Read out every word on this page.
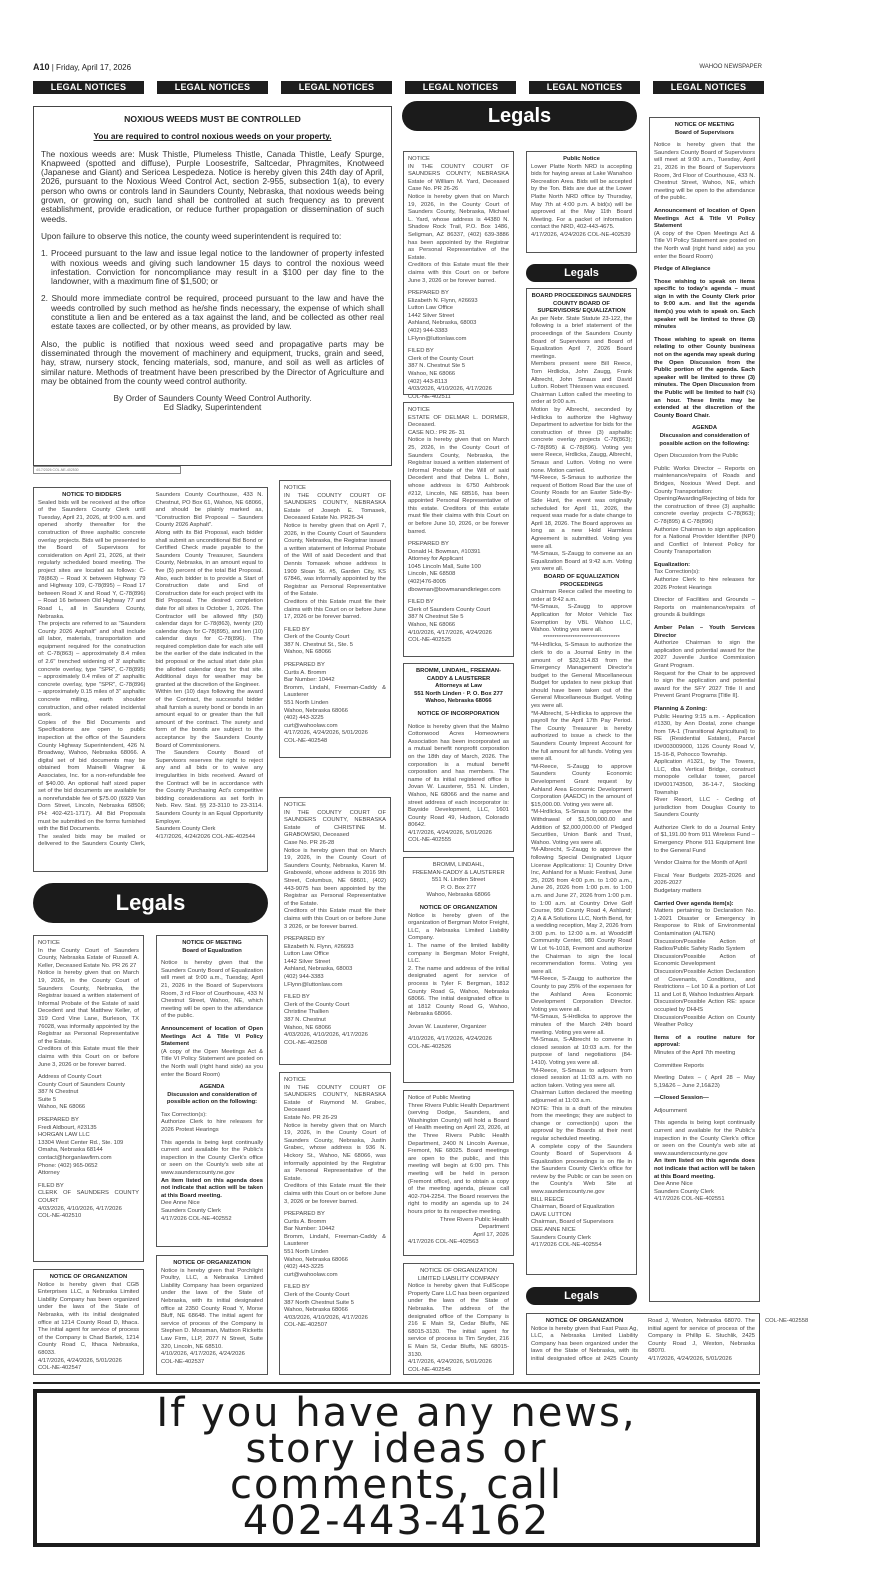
A10 | Friday, April 17, 2026	WAHOO NEWSPAPER
LEGAL NOTICES	LEGAL NOTICES	LEGAL NOTICES	LEGAL NOTICES	LEGAL NOTICES	LEGAL NOTICES
NOXIOUS WEEDS MUST BE CONTROLLED
You are required to control noxious weeds on your property.

The noxious weeds are: Musk Thistle, Plumeless Thistle, Canada Thistle, Leafy Spurge, Knapweed (spotted and diffuse), Purple Loosestrife, Saltcedar, Phragmites, Knotweed (Japanese and Giant) and Sericea Lespedeza. Notice is hereby given this 24th day of April, 2026, pursuant to the Noxious Weed Control Act, section 2-955, subsection 1(a), to every person who owns or controls land in Saunders County, Nebraska, that noxious weeds being grown, or growing on, such land shall be controlled at such frequency as to prevent establishment, provide eradication, or reduce further propagation or dissemination of such weeds.

Upon failure to observe this notice, the county weed superintendent is required to:

1. Proceed pursuant to the law and issue legal notice to the landowner of property infested with noxious weeds and giving such landowner 15 days to control the noxious weed infestation. Conviction for noncompliance may result in a $100 per day fine to the landowner, with a maximum fine of $1,500; or

2. Should more immediate control be required, proceed pursuant to the law and have the weeds controlled by such method as he/she finds necessary, the expense of which shall constitute a lien and be entered as a tax against the land, and be collected as other real estate taxes are collected, or by other means, as provided by law.

Also, the public is notified that noxious weed seed and propagative parts may be disseminated through the movement of machinery and equipment, trucks, grain and seed, hay, straw, nursery stock, fencing materials, sod, manure, and soil as well as articles of similar nature. Methods of treatment have been prescribed by the Director of Agriculture and may be obtained from the county weed control authority.

By Order of Saunders County Weed Control Authority.

Ed Sladky, Superintendent

4/17/2026 COL-NE-402530
Legals
Legals
Legals
Legals
NOTICE TO BIDDERS
Sealed bids will be received at the office of the Saunders County Clerk until Tuesday, April 21, 2026, at 9:00 a.m. and opened shortly thereafter for the construction of three asphaltic concrete overlay projects. Bids will be presented to the Board of Supervisors for consideration on April 21, 2026, at their regularly scheduled board meeting. The project sites are located as follows: C-78(863) – Road X between Highway 79 and Highway 109, C-78(895) – Road 17 between Road X and Road Y, C-78(896) – Road 16 between Old Highway 77 and Road L, all in Saunders County, Nebraska.
The projects are referred to as "Saunders County 2026 Asphalt" and shall include all labor, materials, transportation and equipment required for the construction of: C-78(863) – approximately 8.4 miles of 2.6" trenched widening of 3' asphaltic concrete overlay, type "SPR", C-78(895) – approximately 0.4 miles of 2" asphaltic concrete overlay, type "SPR", C-78(896) – approximately 0.15 miles of 3" asphaltic concrete milling, earth shoulder construction, and other related incidental work.
Copies of the Bid Documents and Specifications are open to public inspection at the office of the Saunders County Highway Superintendent, 426 N. Broadway, Wahoo, Nebraska 68066. A digital set of bid documents may be obtained from Mainelli Wagner & Associates, Inc. for a non-refundable fee of $40.00. An optional half sized paper set of the bid documents are available for a nonrefundable fee of $75.00 (6929 Van Dorn Street, Lincoln, Nebraska 68506; PH: 402-421-1717). All Bid Proposals must be submitted on the forms furnished with the Bid Documents.
The sealed bids may be mailed or delivered to the Saunders County Clerk, Saunders County Courthouse, 433 N. Chestnut, PO Box 61, Wahoo, NE 68066, and should be plainly marked as, "Construction Bid Proposal – Saunders County 2026 Asphalt".
Along with its Bid Proposal, each bidder shall submit an unconditional Bid Bond or Certified Check made payable to the Saunders County Treasurer, Saunders County, Nebraska, in an amount equal to five (5) percent of the total Bid Proposal. Also, each bidder is to provide a Start of Construction date and End of Construction date for each project with its Bid Proposal. The desired completion date for all sites is October 1, 2026. The Contractor will be allowed fifty (50) calendar days for C-78(863), twenty (20) calendar days for C-78(895), and ten (10) calendar days for C-78(896). The required completion date for each site will be the earlier of the date indicated in the bid proposal or the actual start date plus the allotted calendar days for that site. Additional days for weather may be granted at the discretion of the Engineer.
Within ten (10) days following the award of the Contract, the successful bidder shall furnish a surety bond or bonds in an amount equal to or greater than the full amount of the contract. The surety and form of the bonds are subject to the acceptance by the Saunders County Board of Commissioners.
The Saunders County Board of Supervisors reserves the right to reject any and all bids or to waive any irregularities in bids received. Award of the Contract will be in accordance with the County Purchasing Act's competitive bidding considerations as set forth in Neb. Rev. Stat. §§ 23-3110 to 23-3114. Saunders County is an Equal Opportunity Employer.
Saunders County Clerk
4/17/2026, 4/24/2026 COL-NE-402544
NOTICE
IN THE COUNTY COURT OF SAUNDERS COUNTY, NEBRASKA Estate of Joseph E. Tomasek, Deceased Estate No. PR26-34
Notice is hereby given that on April 7, 2026, in the County Court of Saunders County, Nebraska, the Registrar issued a written statement of Informal Probate of the Will of said Decedent and that Dennis Tomasek whose address is 1909 Sloan St. #5, Garden City, KS 67846, was informally appointed by the Registrar as Personal Representative of the Estate.
Creditors of this Estate must file their claims with this Court on or before June 17, 2026 or be forever barred.
FILED BY
Clerk of the County Court
387 N. Chestnut St., Ste. 5
Wahoo, NE 68066
PREPARED BY
Curtis A. Bromm
Bar Number: 10442
Bromm, Lindahl, Freeman-Caddy & Lausterer
551 North Linden
Wahoo, Nebraska 68066
(402) 443-3225
curt@wahoolaw.com
4/17/2026, 4/24/2026, 5/01/2026
COL-NE-402548
NOTICE
IN THE COUNTY COURT OF SAUNDERS COUNTY, NEBRASKA Estate of CHRISTINE M. GRABOWSKI, Deceased
Case No. PR 26-28
Notice is hereby given that on March 19, 2026, in the County Court of Saunders County, Nebraska, Karen M. Grabowski, whose address is 2016 9th Street, Columbus, NE 68601, (402) 443-9075 has been appointed by the Registrar as Personal Representative of the Estate.
Creditors of this Estate must file their claims with this Court on or before June 3 2026, or be forever barred.
PREPARED BY
Elizabeth N. Flynn, #26693
Lutton Law Office
1442 Silver Street
Ashland, Nebraska, 68003
(402) 944-3383
LFlynn@luttonlaw.com
FILED BY
Clerk of the County Court
Christine Thallien
387 N. Chestnut
Wahoo, NE 68066
4/03/2026, 4/10/2026, 4/17/2026
COL-NE-402508
NOTICE
IN THE COUNTY COURT OF SAUNDERS COUNTY, NEBRASKA Estate of Raymond M. Grabec, Deceased
Estate No. PR 26-29
Notice is hereby given that on March 19, 2026, in the County Court of Saunders County, Nebraska, Justin Grabec, whose address is 936 N. Hickory St., Wahoo, NE 68066, was informally appointed by the Registrar as Personal Representative of the Estate.
Creditors of this Estate must file their claims with this Court on or before June 3, 2026 or be forever barred.
PREPARED BY
Curtis A. Bromm
Bar Number: 10442
Bromm, Lindahl, Freeman-Caddy & Lausterer
551 North Linden
Wahoo, Nebraska 68066
(402) 443-3225
curt@wahoolaw.com
FILED BY
Clerk of the County Court
387 North Chestnut Suite 5
Wahoo, Nebraska 68066
4/03/2026, 4/10/2026, 4/17/2026
COL-NE-402507
NOTICE
In the County Court of Saunders County, Nebraska Estate of Russell A. Keller, Deceased Estate No. PR 26 27
Notice is hereby given that on March 19, 2026, in the County Court of Saunders County, Nebraska, the Registrar issued a written statement of Informal Probate of the Estate of said Decedent and that Matthew Keller, of 319 Cord Vine Lane, Burleson, TX 76028, was informally appointed by the Registrar as Personal Representative of the Estate.
Creditors of this Estate must file their claims with this Court on or before June 3, 2026 or be forever barred.
Address of County Court
County Court of Saunders County
387 N Chestnut
Suite 5
Wahoo, NE 68066
PREPARED BY
Fredi Aldbourt, #23135
HORGAN LAW LLC
13304 West Center Rd., Ste. 109
Omaha, Nebraska 68144
contact@horganlawfirm.com
Phone: (402) 965-0652
Attorney
FILED BY
CLERK OF SAUNDERS COUNTY COURT
4/03/2026, 4/10/2026, 4/17/2026
COL-NE-402510
NOTICE OF ORGANIZATION
Notice is hereby given that CGB Enterprises LLC, a Nebraska Limited Liability Company has been organized under the laws of the State of Nebraska, with its initial designated office at 1214 County Road D, Ithaca. The initial agent for service of process of the Company is Chad Bartek, 1214 County Road C, Ithaca Nebraska, 68033.
4/17/2026, 4/24/2026, 5/01/2026
COL-NE-402547
NOTICE OF MEETING
Board of Equalization
Notice is hereby given that the Saunders County Board of Equalization will meet at 9:00 a.m., Tuesday, April 21, 2026 in the Board of Supervisors Room, 3 rd Floor of Courthouse, 433 N Chestnut Street, Wahoo, NE, which meeting will be open to the attendance of the public.
Announcement of location of Open Meetings Act & Title VI Policy Statement
(A copy of the Open Meetings Act & Title VI Policy Statement are posted on the North wall (right hand side) as you enter the Board Room)
AGENDA
Discussion and consideration of possible action on the following:
Tax Correction(s):
Authorize Clerk to hire releases for 2026 Protest Hearings
This agenda is being kept continually current and available for the Public's inspection in the County Clerk's office or seen on the County's web site at www.saunderscounty.ne.gov
An item listed on this agenda does not indicate that action will be taken at this Board meeting.
Dee Anne Nice
Saunders County Clerk
4/17/2026 COL-NE-402552
NOTICE OF ORGANIZATION
Notice is hereby given that Porchlight Poultry, LLC, a Nebraska Limited Liability Company has been organized under the laws of the State of Nebraska, with its initial designated office at 2350 County Road Y, Morse Bluff, NE 68648. The initial agent for service of process of the Company is Stephen D. Mossman, Mattson Ricketts Law Firm, LLP, 2077 N Street, Suite 320, Lincoln, NE 68510.
4/10/2026, 4/17/2026, 4/24/2026
COL-NE-402537
NOTICE
IN THE COUNTY COURT OF SAUNDERS COUNTY, NEBRASKA Estate of William M. Yard, Deceased Case No. PR 26-26
Notice is hereby given that on March 19, 2026, in the County Court of Saunders County, Nebraska, Michael L. Yard, whose address is 44380 N. Shadow Rock Trail, P.O. Box 1486, Seligman, AZ 86337, (402) 639-3886 has been appointed by the Registrar as Personal Representative of the Estate.
Creditors of this Estate must file their claims with this Court on or before June 3, 2026 or be forever barred.
PREPARED BY
Elizabeth N. Flynn, #26693
Lutton Law Office
1442 Silver Street
Ashland, Nebraska, 68003
(402) 944-3383
LFlynn@luttonlaw.com
FILED BY
Clerk of the County Court
387 N. Chestnut Ste 5
Wahoo, NE 68066
(402) 443-8113
4/03/2026, 4/10/2026, 4/17/2026
COL-NE-402511
NOTICE
ESTATE OF DELMAR L. DORMER, Deceased.
CASE NO.: PR 26- 31
Notice is hereby given that on March 25, 2026, in the County Court of Saunders County, Nebraska, the Registrar issued a written statement of Informal Probate of the Will of said Decedent and that Debra L. Bohn, whose address is 6750 Ashbrook #212, Lincoln, NE 68516, has been appointed Personal Representative of this estate. Creditors of this estate must file their claims with this Court on or before June 10, 2026, or be forever barred.
PREPARED BY
Donald H. Bowman, #10391
Attorney for Applicant
1045 Lincoln Mall, Suite 100
Lincoln, NE 68508
(402)476-8005
dbowman@bowmanandkrieger.com
FILED BY
Clerk of Saunders County Court
387 N Chestnut Ste 5
Wahoo, NE 68066
4/10/2026, 4/17/2026, 4/24/2026
COL-NE-402525
BROMM, LINDAHL, FREEMAN-CADDY & LAUSTERER
Attorneys at Law
551 North Linden · P. O. Box 277
Wahoo, Nebraska 68066
NOTICE OF INCORPORATION
Notice is hereby given that the Malmo Cottonwood Acres Homeowners Association has been incorporated as a mutual benefit nonprofit corporation on the 18th day of March, 2026. The corporation is a mutual benefit corporation and has members. The name of its initial registered office is Jovan W. Lausterer, 551 N. Linden, Wahoo, NE 68066 and the name and street address of each incorporator is: Bayside Development, LLC, 1601 County Road 49, Hudson, Colorado 80642.
4/17/2026, 4/24/2026, 5/01/2026
COL-NE-402555
BROMM, LINDAHL,
FREEMAN-CADDY & LAUSTERER
551 N. Linden Street
P. O. Box 277
Wahoo, Nebraska 68066
NOTICE OF ORGANIZATION
Notice is hereby given of the organization of Bergman Motor Freight, LLC, a Nebraska Limited Liability Company.
1. The name of the limited liability company is Bergman Motor Freight, LLC.
2. The name and address of the initial designated agent for service of process is Tyler F. Bergman, 1812 County Road G, Wahoo, Nebraska 68066. The initial designated office is at 1812 County Road G, Wahoo, Nebraska 68066.
Jovan W. Lausterer, Organizer
4/10/2026, 4/17/2026, 4/24/2026
COL-NE-402526
Notice of Public Meeting
Three Rivers Public Health Department (serving Dodge, Saunders, and Washington County) will hold a Board of Health meeting on April 23, 2026, at the Three Rivers Public Health Department, 2400 N Lincoln Avenue, Fremont, NE 68025. Board meetings are open to the public, and this meeting will begin at 6:00 pm. This meeting will be held in person (Fremont office), and to obtain a copy of the meeting agenda, please call 402-704-2254. The Board reserves the right to modify an agenda up to 24 hours prior to its respective meeting.
Three Rivers Public Health
Department
April 17, 2026
4/17/2026 COL-NE-402563
NOTICE OF ORGANIZATION
LIMITED LIABILITY COMPANY
Notice is hereby given that FullScope Property Care LLC has been organized under the laws of the State of Nebraska. The address of the designated office of the Company is 216 E Main St, Cedar Bluffs, NE 68015-3130. The initial agent for service of process is Tim Snyder, 216 E Main St, Cedar Bluffs, NE 68015-3130.
4/17/2026, 4/24/2026, 5/01/2026
COL-NE-402545
Public Notice
Lower Platte North NRD is accepting bids for haying areas at Lake Wanahoo Recreation Area. Bids will be accepted by the Ton. Bids are due at the Lower Platte North NRD office by Thursday, May 7th at 4:00 p.m. A bid(s) will be approved at the May 11th Board Meeting. For a packet of information contact the NRD, 402-443-4675.
4/17/2026, 4/24/2026 COL-NE-402539
BOARD PROCEEDINGS SAUNDERS COUNTY BOARD OF SUPERVISORS/ EQUALIZATION
As per Nebr. State Statute 23-122, the following is a brief statement of the proceedings of the Saunders County Board of Supervisors and Board of Equalization April 7, 2026 Board meetings.
Members present were Bill Reece, Tom Hrdlicka, John Zaugg, Frank Albrecht, John Smaus and David Lutton. Robert Thiessen was excused.
Chairman Lutton called the meeting to order at 9:00 a.m.
Motion by Albrecht, seconded by Hrdlicka to authorize the Highway Department to advertise for bids for the construction of three (3) asphaltic concrete overlay projects C-78(863); C-78(895) & C-78(896). Voting yes were Reece, Hrdlicka, Zaugg, Albrecht, Smaus and Lutton. Voting no were none. Motion carried.
*M-Reece, S-Smaus to authorize the request of Bottom Road Bar the use of County Roads for an Easter Side-By-Side Hunt, the event was originally scheduled for April 11, 2026, the request was made for a date change to April 18, 2026. The Board approves as long as a new Hold Harmless Agreement is submitted. Voting yes were all.
*M-Smaus, S-Zaugg to convene as an Equalization Board at 9:42 a.m. Voting yes were all.
BOARD OF EQUALIZATION PROCEEDINGS
Chairman Reece called the meeting to order at 9:42 a.m.
*M-Smaus, S-Zaugg to approve Application for Motor Vehicle Tax Exemption by VBL Wahoo LLC, Wahoo. Voting yes were all.
**********************************
*M-Hrdlicka, S-Smaus to authorize the clerk to do a Journal Entry in the amount of $32,314.83 from the Emergency Management Director's budget to the General Miscellaneous Budget for updates to new pickup that should have been taken out of the General Miscellaneous Budget. Voting yes were all.
*M-Albrecht, S-Hrdlicka to approve the payroll for the April 17th Pay Period. The County Treasurer is hereby authorized to issue a check to the Saunders County Imprest Account for the full amount for all funds. Voting yes were all.
*M-Reece, S-Zaugg to approve Saunders County Economic Development Grant request by Ashland Area Economic Development Corporation (AAEDC) in the amount of $15,000.00. Voting yes were all.
*M-Hrdlicka, S-Smaus to approve the Withdrawal of $1,500,000.00 and Addition of $2,000,000.00 of Pledged Securities, Union Bank and Trust, Wahoo. Voting yes were all.
*M-Albrecht, S-Zaugg to approve the following Special Designated Liquor License Applications: 1) Country Drive Inc, Ashland for a Music Festival, June 25, 2026 from 4:00 p.m. to 1:00 a.m., June 26, 2026 from 1:00 p.m. to 1:00 a.m. and June 27, 2026 from 1:00 p.m. to 1:00 a.m. at Country Drive Golf Course, 950 County Road 4, Ashland; 2) A & A Solutions LLC, North Bend, for a wedding reception, May 2, 2026 from 3:00 p.m. to 12:00 a.m. at Woodcliff Community Center, 980 County Road W Lot %-1018, Fremont and authorize the Chairman to sign the local recommendation forms. Voting yes were all.
*M-Reece, S-Zaugg to authorize the County to pay 25% of the expenses for the Ashland Area Economic Development Corporation Director. Voting yes were all.
*M-Smaus, S-Hrdlicka to approve the minutes of the March 24th board meeting. Voting yes were all.
*M-Smaus, S-Albrecht to convene in closed session at 10:03 a.m. for the purpose of land negotiations (84-1410). Voting yes were all.
*M-Reece, S-Smaus to adjourn from closed session at 11:03 a.m. with no action taken. Voting yes were all.
Chairman Lutton declared the meeting adjourned at 11:03 a.m.
NOTE: This is a draft of the minutes from the meetings; they are subject to change or correction(s) upon the approval by the Boards at their next regular scheduled meeting.
A complete copy of the Saunders County Board of Supervisors & Equalization proceedings is on file in the Saunders County Clerk's office for review by the Public or can be seen on the County's Web Site at www.saunderscounty.ne.gov
BILL REECE
Chairman, Board of Equalization
DAVE LUTTON
Chairman, Board of Supervisors
DEE ANNE NICE
Saunders County Clerk
4/17/2026 COL-NE-402554
NOTICE OF ORGANIZATION
Notice is hereby given that Fast Pass Ag, LLC, a Nebraska Limited Liability Company has been organized under the laws of the State of Nebraska, with its initial designated office at 2425 County Road J, Weston, Nebraska 68070. The initial agent for service of process of the Company is Phillip E. Stuchlik, 2425 County Road J, Weston, Nebraska 68070.
4/17/2026, 4/24/2026, 5/01/2026
COL-NE-402558
NOTICE OF MEETING
Board of Supervisors
Notice is hereby given that the Saunders County Board of Supervisors will meet at 9:00 a.m., Tuesday, April 21, 2026 in the Board of Supervisors Room, 3rd Floor of Courthouse, 433 N. Chestnut Street, Wahoo, NE, which meeting will be open to the attendance of the public.
Announcement of location of Open Meetings Act & Title VI Policy Statement
(A copy of the Open Meetings Act & Title VI Policy Statement are posted on the North wall (right hand side) as you enter the Board Room)
Pledge of Allegiance
Those wishing to speak on items specific to today's agenda – must sign in with the County Clerk prior to 9:00 a.m. and list the agenda item(s) you wish to speak on. Each speaker will be limited to three (3) minutes
Those wishing to speak on items relating to other County business not on the agenda may speak during the Open Discussion from the Public portion of the agenda. Each speaker will be limited to three (3) minutes. The Open Discussion from the Public will be limited to half (½) an hour. These limits may be extended at the discretion of the County Board Chair.
AGENDA
Discussion and consideration of possible action on the following:
Open Discussion from the Public
Public Works Director – Reports on maintenance/repairs of Roads and Bridges, Noxious Weed Dept. and County Transportation:
Opening/Awarding/Rejecting of bids for the construction of three (3) asphaltic concrete overlay projects C-78(863); C-78(895) & C-78(896)
Authorize Chairman to sign application for a National Provider Identifier (NPI) and Conflict of Interest Policy for County Transportation
Equalization:
Tax Correction(s):
Authorize Clerk to hire releases for 2026 Protest Hearings
Director of Facilities and Grounds – Reports on maintenance/repairs of grounds & buildings
Amber Pelan – Youth Services Director
Authorize Chairman to sign the application and potential award for the 2027 Juvenile Justice Commission Grant Program.
Request for the Chair to be approved to sign the application and potential award for the SFY 2027 Title II and Prevent Grant Programs [Title II].
Planning & Zoning:
Public Hearing 9:15 a.m. - Application #1330, by Ann Dostal, zone change from TA-1 (Transitional Agricultural) to RE (Residential Estates), Parcel ID#003009000, 1126 County Road V, 15-16-8, Pohocco Township.
Application #1321, by The Towers, LLC, dba Vertical Bridge, construct monopole cellular tower, parcel ID#001743500, 36-14-7, Stocking Township
River Resort, LLC - Ceding of jurisdiction from Douglas County to Saunders County
Authorize Clerk to do a Journal Entry of $1,191.00 from 911 Wireless Fund – Emergency Phone 911 Equipment line to the General Fund
Vendor Claims for the Month of April
Fiscal Year Budgets 2025-2026 and 2026-2027
Budgetary matters
Carried Over agenda item(s):
Matters pertaining to Declaration No. 1-2021 Disaster or Emergency in Response to Risk of Environmental Contamination (ALTEN)
Discussion/Possible Action of Radios/Public Safety Radio System
Discussion/Possible Action of Economic Development
Discussion/Possible Action Declaration of Covenants, Conditions, and Restrictions – Lot 10 & a portion of Lot 11 and Lot 8, Wahoo Industries Airpark
Discussion/Possible Action RE: space occupied by DHHS
Discussion/Possible Action on County Weather Policy
Items of a routine nature for approval:
Minutes of the April 7th meeting
Committee Reports
Meeting Dates – ( April 28 – May 5,19&26 – June 2,16&23)
—Closed Session—
Adjournment
This agenda is being kept continually current and available for the Public's inspection in the County Clerk's office or seen on the County's web site at www.saunderscounty.ne.gov
An item listed on this agenda does not indicate that action will be taken at this Board meeting.
Dee Anne Nice
Saunders County Clerk
4/17/2026 COL-NE-402551
If you have any news,
story ideas or
comments, call
402-443-4162
